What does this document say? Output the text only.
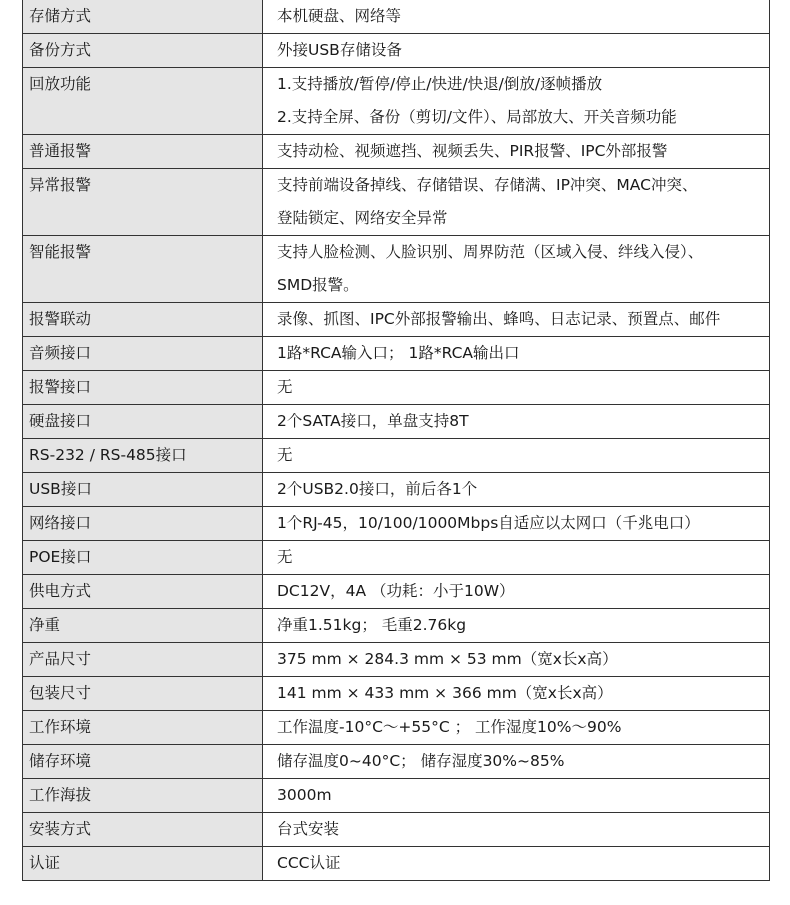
存储方式	本机硬盘、网络等

备份方式	外接USB存储设备

回放功能	1.支持播放/暂停/停止/快进/快退/倒放/逐帧播放
2.支持全屏、备份（剪切/文件）、局部放大、开关音频功能

普通报警	支持动检、视频遮挡、视频丢失、PIR报警、IPC外部报警

异常报警	支持前端设备掉线、存储错误、存储满、IP冲突、MAC冲突、
登陆锁定、网络安全异常

智能报警	支持人脸检测、人脸识别、周界防范（区域入侵、绊线入侵）、
SMD报警。

报警联动	录像、抓图、IPC外部报警输出、蜂鸣、日志记录、预置点、邮件

音频接口	1路*RCA输入口； 1路*RCA输出口

报警接口	无

硬盘接口	2个SATA接口，单盘支持8T

RS-232 / RS-485接口	无

USB接口	2个USB2.0接口，前后各1个

网络接口	1个RJ-45，10/100/1000Mbps自适应以太网口（千兆电口）

POE接口	无

供电方式	DC12V，4A （功耗：小于10W）

净重	净重1.51kg； 毛重2.76kg

产品尺寸	375 mm × 284.3 mm × 53 mm（宽x长x高）

包装尺寸	141 mm × 433 mm × 366 mm（宽x长x高）

工作环境	工作温度-10°C～+55°C ； 工作湿度10%～90%

储存环境	储存温度0~40°C； 储存湿度30%~85%

工作海拔	3000m

安装方式	台式安装

认证	CCC认证
